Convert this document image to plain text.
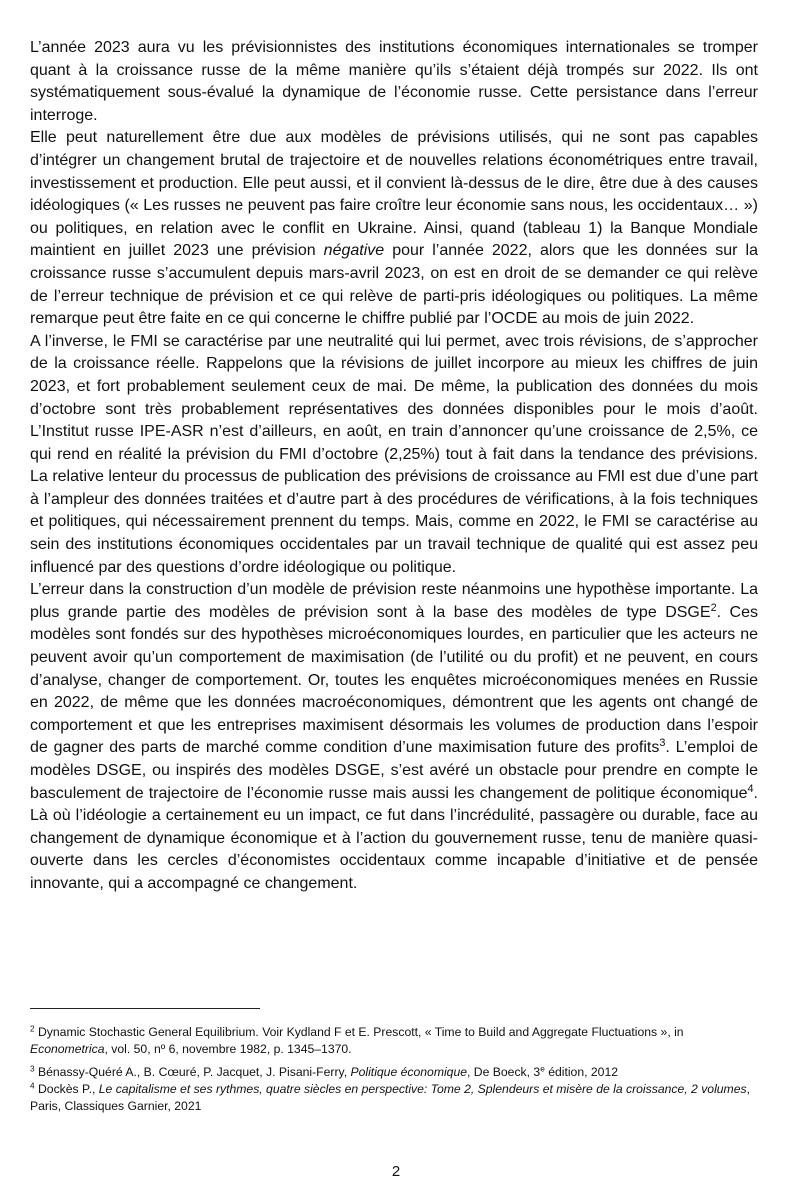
L’année 2023 aura vu les prévisionnistes des institutions économiques internationales se tromper quant à la croissance russe de la même manière qu’ils s’étaient déjà trompés sur 2022. Ils ont systématiquement sous-évalué la dynamique de l’économie russe. Cette persistance dans l’erreur interroge.

Elle peut naturellement être due aux modèles de prévisions utilisés, qui ne sont pas capables d’intégrer un changement brutal de trajectoire et de nouvelles relations économétriques entre travail, investissement et production. Elle peut aussi, et il convient là-dessus de le dire, être due à des causes idéologiques (« Les russes ne peuvent pas faire croître leur économie sans nous, les occidentaux… ») ou politiques, en relation avec le conflit en Ukraine. Ainsi, quand (tableau 1) la Banque Mondiale maintient en juillet 2023 une prévision négative pour l’année 2022, alors que les données sur la croissance russe s’accumulent depuis mars-avril 2023, on est en droit de se demander ce qui relève de l’erreur technique de prévision et ce qui relève de parti-pris idéologiques ou politiques. La même remarque peut être faite en ce qui concerne le chiffre publié par l’OCDE au mois de juin 2022.

A l’inverse, le FMI se caractérise par une neutralité qui lui permet, avec trois révisions, de s’approcher de la croissance réelle. Rappelons que la révisions de juillet incorpore au mieux les chiffres de juin 2023, et fort probablement seulement ceux de mai. De même, la publication des données du mois d’octobre sont très probablement représentatives des données disponibles pour le mois d’août. L’Institut russe IPE-ASR n’est d’ailleurs, en août, en train d’annoncer qu’une croissance de 2,5%, ce qui rend en réalité la prévision du FMI d’octobre (2,25%) tout à fait dans la tendance des prévisions. La relative lenteur du processus de publication des prévisions de croissance au FMI est due d’une part à l’ampleur des données traitées et d’autre part à des procédures de vérifications, à la fois techniques et politiques, qui nécessairement prennent du temps. Mais, comme en 2022, le FMI se caractérise au sein des institutions économiques occidentales par un travail technique de qualité qui est assez peu influencé par des questions d’ordre idéologique ou politique.

L’erreur dans la construction d’un modèle de prévision reste néanmoins une hypothèse importante. La plus grande partie des modèles de prévision sont à la base des modèles de type DSGE$^2$. Ces modèles sont fondés sur des hypothèses microéconomiques lourdes, en particulier que les acteurs ne peuvent avoir qu’un comportement de maximisation (de l’utilité ou du profit) et ne peuvent, en cours d’analyse, changer de comportement. Or, toutes les enquêtes microéconomiques menées en Russie en 2022, de même que les données macroéconomiques, démontrent que les agents ont changé de comportement et que les entreprises maximisent désormais les volumes de production dans l’espoir de gagner des parts de marché comme condition d’une maximisation future des profits$^3$. L’emploi de modèles DSGE, ou inspirés des modèles DSGE, s’est avéré un obstacle pour prendre en compte le basculement de trajectoire de l’économie russe mais aussi les changement de politique économique$^4$. Là où l’idéologie a certainement eu un impact, ce fut dans l’incrédulité, passagère ou durable, face au changement de dynamique économique et à l’action du gouvernement russe, tenu de manière quasi-ouverte dans les cercles d’économistes occidentaux comme incapable d’initiative et de pensée innovante, qui a accompagné ce changement.

$^2$ Dynamic Stochastic General Equilibrium. Voir Kydland F et E. Prescott, « Time to Build and Aggregate Fluctuations », in Econometrica, vol. 50, nº 6, novembre 1982, p. 1345–1370.

$^3$ Bénassy-Quéré A., B. Cœuré, P. Jacquet, J. Pisani-Ferry, Politique économique, De Boeck, 3e édition, 2012

$^4$ Dockès P., Le capitalisme et ses rythmes, quatre siècles en perspective: Tome 2, Splendeurs et misère de la croissance, 2 volumes, Paris, Classiques Garnier, 2021

2
